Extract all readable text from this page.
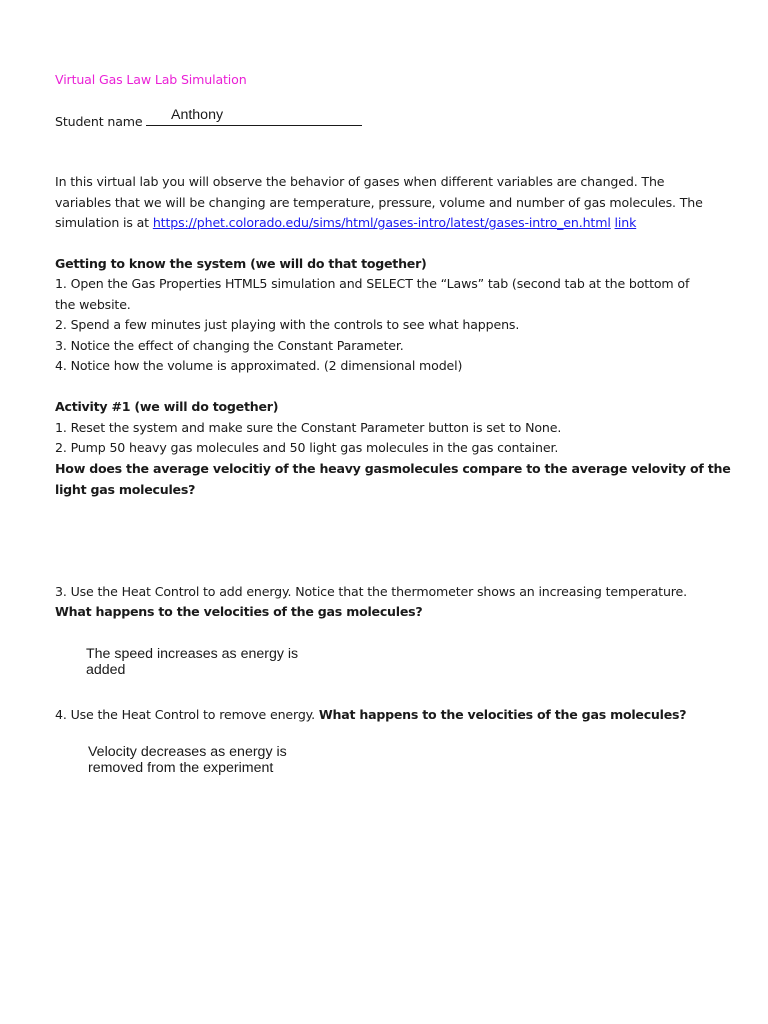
Virtual Gas Law Lab Simulation
Student name	Anthony
In this virtual lab you will observe the behavior of gases when different variables are changed. The
variables that we will be changing are temperature, pressure, volume and number of gas molecules. The
simulation is at https://phet.colorado.edu/sims/html/gases-intro/latest/gases-intro_en.html link
Getting to know the system (we will do that together)
1. Open the Gas Properties HTML5 simulation and SELECT the “Laws” tab (second tab at the bottom of
the website.
2. Spend a few minutes just playing with the controls to see what happens.
3. Notice the effect of changing the Constant Parameter.
4. Notice how the volume is approximated. (2 dimensional model)
Activity #1 (we will do together)
1. Reset the system and make sure the Constant Parameter button is set to None.
2. Pump 50 heavy gas molecules and 50 light gas molecules in the gas container.
How does the average velocitiy of the heavy gasmolecules compare to the average velovity of the
light gas molecules?
3. Use the Heat Control to add energy. Notice that the thermometer shows an increasing temperature.
What happens to the velocities of the gas molecules?
The speed increases as energy is
added
4. Use the Heat Control to remove energy. What happens to the velocities of the gas molecules?
Velocity decreases as energy is
removed from the experiment
